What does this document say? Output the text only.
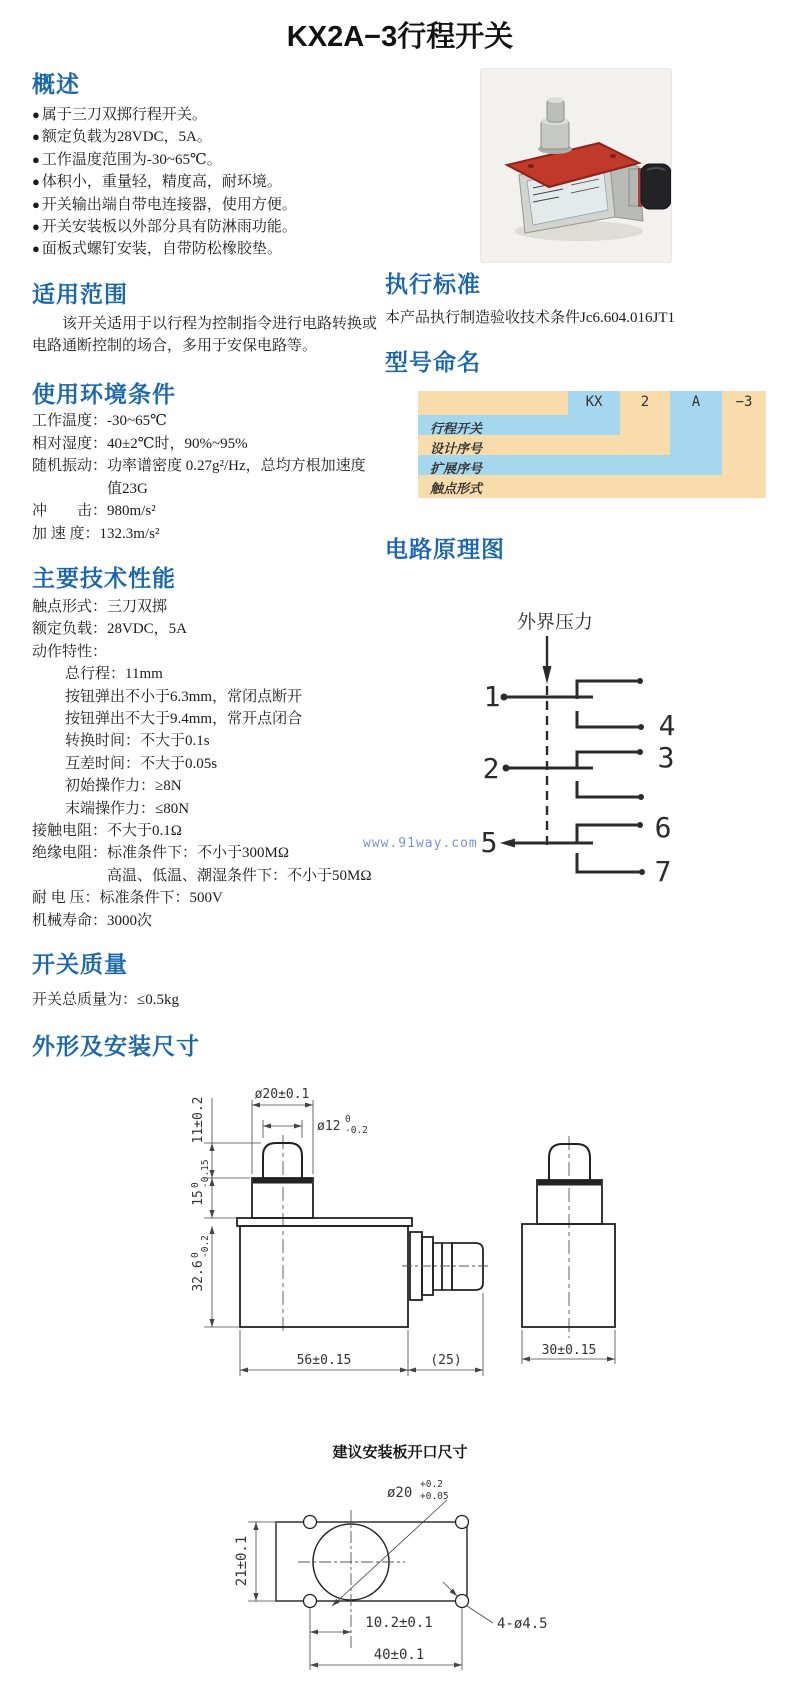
KX2A−3行程开关
概述
● 属于三刀双掷行程开关。
● 额定负载为28VDC，5A。
● 工作温度范围为-30~65℃。
● 体积小，重量轻，精度高，耐环境。
● 开关输出端自带电连接器，使用方便。
● 开关安装板以外部分具有防淋雨功能。
● 面板式螺钉安装，自带防松橡胶垫。
适用范围
该开关适用于以行程为控制指令进行电路转换或电路通断控制的场合，多用于安保电路等。
使用环境条件
工作温度：-30~65℃
相对湿度：40±2℃时，90%~95%
随机振动：功率谱密度 0.27g²/Hz，总均方根加速度
值23G
冲　　击：980m/s²
加 速 度：132.3m/s²
主要技术性能
触点形式：三刀双掷
额定负载：28VDC，5A
动作特性：
总行程：11mm
按钮弹出不小于6.3mm，常闭点断开
按钮弹出不大于9.4mm，常开点闭合
转换时间：不大于0.1s
互差时间：不大于0.05s
初始操作力：≥8N
末端操作力：≤80N
接触电阻：不大于0.1Ω
绝缘电阻：标准条件下：不小于300MΩ
高温、低温、潮湿条件下：不小于50MΩ
耐 电 压：标准条件下：500V
机械寿命：3000次
开关质量
开关总质量为：≤0.5kg
外形及安装尺寸
执行标准
本产品执行制造验收技术条件Jc6.604.016JT1
型号命名
KX	2	A	−3
行程开关
设计序号
扩展序号
触点形式
电路原理图
外界压力
1
4
2	3
5	6
7
www.91way.com
ø20±0.1
ø12 0
-0.2
11±0.2
15
0 -0.15
32.6
0 -0.2
56±0.15	(25)
30±0.15
建议安装板开口尺寸
ø20
+0.2
+0.05
21±0.1
10.2±0.1
40±0.1
4-ø4.5
